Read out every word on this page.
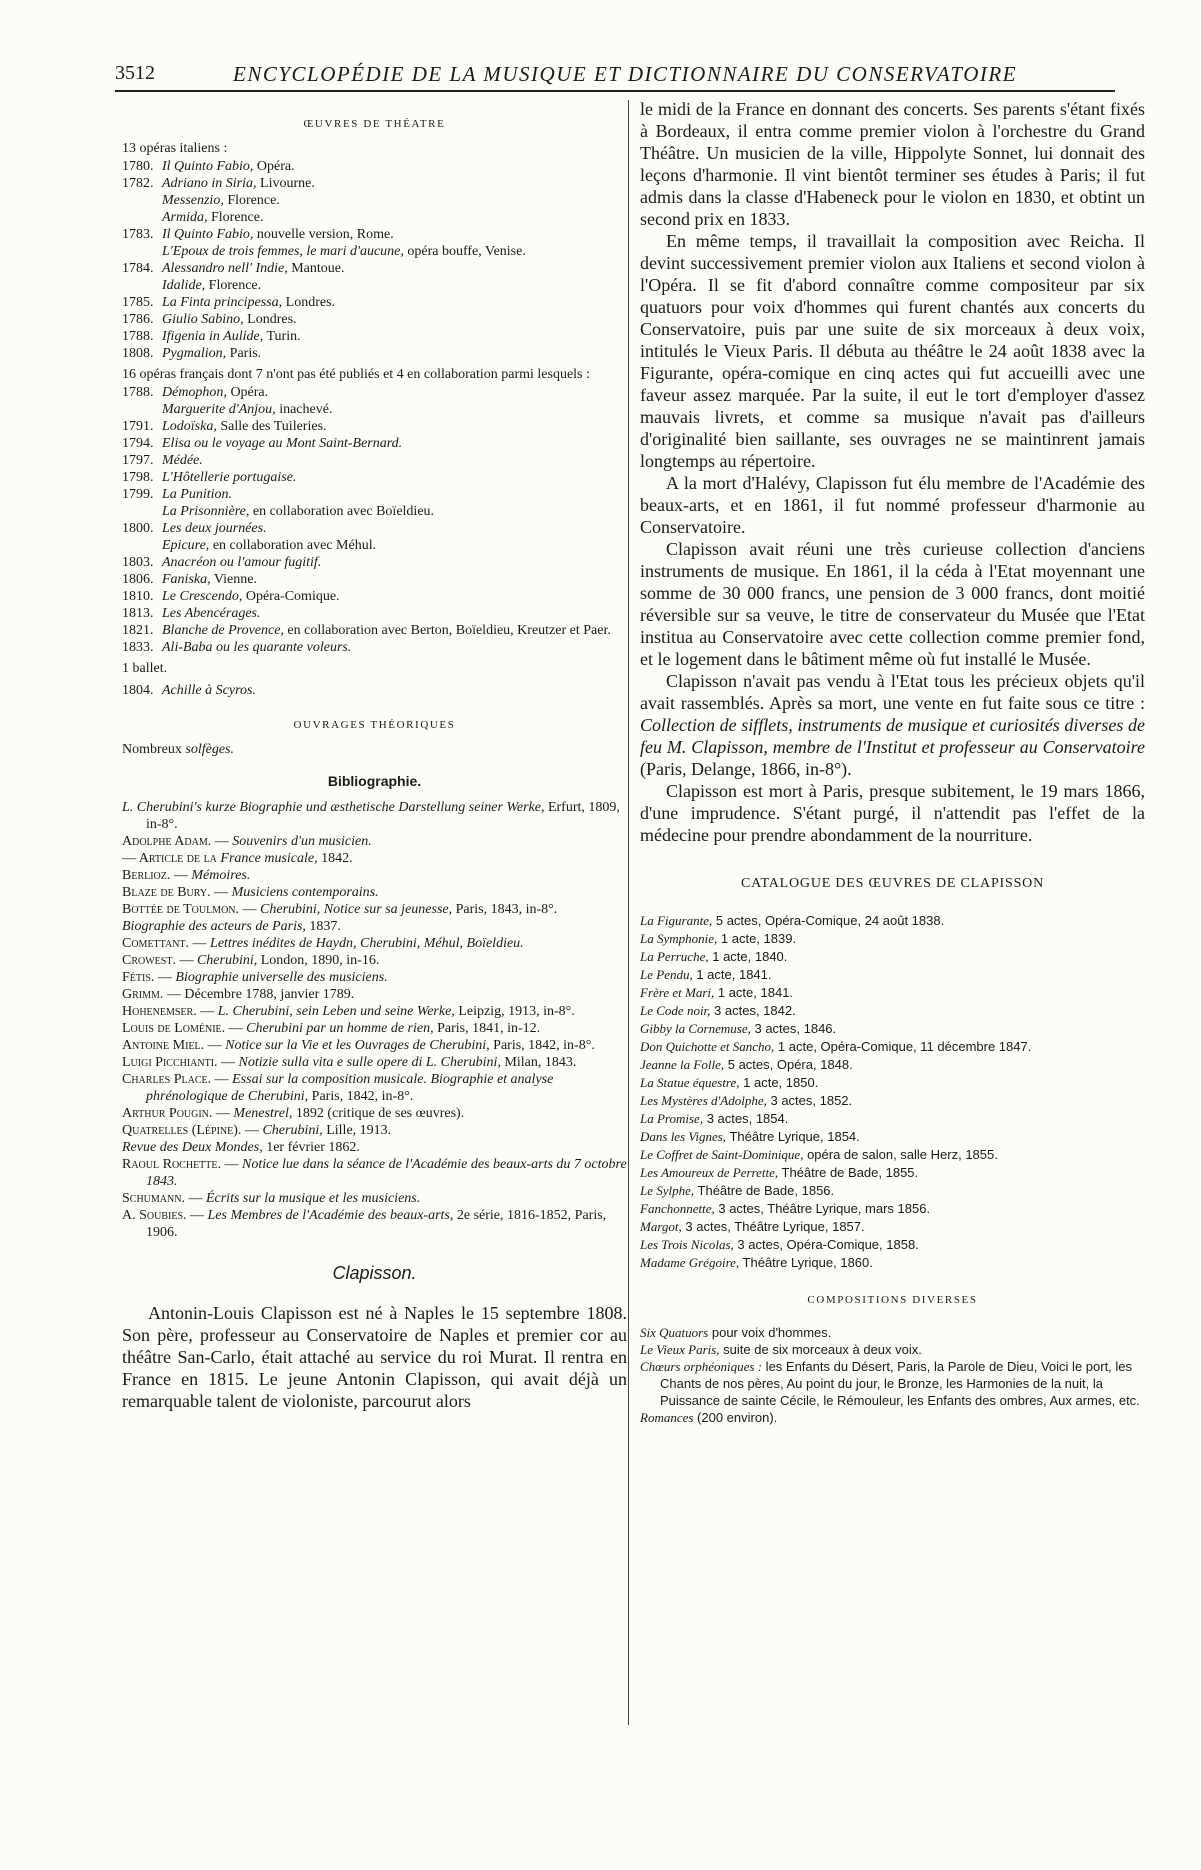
3512	ENCYCLOPÉDIE DE LA MUSIQUE ET DICTIONNAIRE DU CONSERVATOIRE
ŒUVRES DE THÉATRE
13 opéras italiens :
1780. Il Quinto Fabio, Opéra.
1782. Adriano in Siria, Livourne.
Messenzio, Florence.
Armida, Florence.
1783. Il Quinto Fabio, nouvelle version, Rome.
L'Epoux de trois femmes, le mari d'aucune, opéra bouffe, Venise.
1784. Alessandro nell' Indie, Mantoue.
Idalide, Florence.
1785. La Finta principessa, Londres.
1786. Giulio Sabino, Londres.
1788. Ifigenia in Aulide, Turin.
1808. Pygmalion, Paris.
16 opéras français dont 7 n'ont pas été publiés et 4 en collaboration parmi lesquels :
1788. Démophon, Opéra.
Marguerite d'Anjou, inachevé.
1791. Lodoïska, Salle des Tuileries.
1794. Elisa ou le voyage au Mont Saint-Bernard.
1797. Médée.
1798. L'Hôtellerie portugaise.
1799. La Punition.
La Prisonnière, en collaboration avec Boïeldieu.
1800. Les deux journées.
Epicure, en collaboration avec Méhul.
1803. Anacréon ou l'amour fugitif.
1806. Faniska, Vienne.
1810. Le Crescendo, Opéra-Comique.
1813. Les Abencérages.
1821. Blanche de Provence, en collaboration avec Berton, Boïeldieu, Kreutzer et Paer.
1833. Ali-Baba ou les quarante voleurs.
1 ballet.
1804. Achille à Scyros.
OUVRAGES THÉORIQUES
Nombreux solfèges.
Bibliographie.
L. Cherubini's kurze Biographie und æsthetische Darstellung seiner Werke, Erfurt, 1809, in-8°.
Adolphe Adam. — Souvenirs d'un musicien.
— Article de la France musicale, 1842.
Berlioz. — Mémoires.
Blaze de Bury. — Musiciens contemporains.
Bottée de Toulmon. — Cherubini, Notice sur sa jeunesse, Paris, 1843, in-8°.
Biographie des acteurs de Paris, 1837.
Comettant. — Lettres inédites de Haydn, Cherubini, Méhul, Boïeldieu.
Crowest. — Cherubini, London, 1890, in-16.
Fétis. — Biographie universelle des musiciens.
Grimm. — Décembre 1788, janvier 1789.
Hohenemser. — L. Cherubini, sein Leben und seine Werke, Leipzig, 1913, in-8°.
Louis de Loménie. — Cherubini par un homme de rien, Paris, 1841, in-12.
Antoine Miel. — Notice sur la Vie et les Ouvrages de Cherubini, Paris, 1842, in-8°.
Luigi Picchianti. — Notizie sulla vita e sulle opere di L. Cherubini, Milan, 1843.
Charles Place. — Essai sur la composition musicale. Biographie et analyse phrénologique de Cherubini, Paris, 1842, in-8°.
Arthur Pougin. — Menestrel, 1892 (critique de ses œuvres).
Quatrelles (Lépine). — Cherubini, Lille, 1913.
Revue des Deux Mondes, 1er février 1862.
Raoul Rochette. — Notice lue dans la séance de l'Académie des beaux-arts du 7 octobre 1843.
Schumann. — Écrits sur la musique et les musiciens.
A. Soubies. — Les Membres de l'Académie des beaux-arts, 2e série, 1816-1852, Paris, 1906.
Clapisson.

Antonin-Louis Clapisson est né à Naples le 15 septembre 1808. Son père, professeur au Conservatoire de Naples et premier cor au théâtre San-Carlo, était attaché au service du roi Murat. Il rentra en France en 1815. Le jeune Antonin Clapisson, qui avait déjà un remarquable talent de violoniste, parcourut alors

le midi de la France en donnant des concerts. Ses parents s'étant fixés à Bordeaux, il entra comme premier violon à l'orchestre du Grand Théâtre. Un musicien de la ville, Hippolyte Sonnet, lui donnait des leçons d'harmonie. Il vint bientôt terminer ses études à Paris; il fut admis dans la classe d'Habeneck pour le violon en 1830, et obtint un second prix en 1833.

En même temps, il travaillait la composition avec Reicha. Il devint successivement premier violon aux Italiens et second violon à l'Opéra. Il se fit d'abord connaître comme compositeur par six quatuors pour voix d'hommes qui furent chantés aux concerts du Conservatoire, puis par une suite de six morceaux à deux voix, intitulés le Vieux Paris. Il débuta au théâtre le 24 août 1838 avec la Figurante, opéra-comique en cinq actes qui fut accueilli avec une faveur assez marquée. Par la suite, il eut le tort d'employer d'assez mauvais livrets, et comme sa musique n'avait pas d'ailleurs d'originalité bien saillante, ses ouvrages ne se maintinrent jamais longtemps au répertoire.

A la mort d'Halévy, Clapisson fut élu membre de l'Académie des beaux-arts, et en 1861, il fut nommé professeur d'harmonie au Conservatoire.

Clapisson avait réuni une très curieuse collection d'anciens instruments de musique. En 1861, il la céda à l'Etat moyennant une somme de 30 000 francs, une pension de 3 000 francs, dont moitié réversible sur sa veuve, le titre de conservateur du Musée que l'Etat institua au Conservatoire avec cette collection comme premier fond, et le logement dans le bâtiment même où fut installé le Musée.

Clapisson n'avait pas vendu à l'Etat tous les précieux objets qu'il avait rassemblés. Après sa mort, une vente en fut faite sous ce titre : Collection de sifflets, instruments de musique et curiosités diverses de feu M. Clapisson, membre de l'Institut et professeur au Conservatoire (Paris, Delange, 1866, in-8°).

Clapisson est mort à Paris, presque subitement, le 19 mars 1866, d'une imprudence. S'étant purgé, il n'attendit pas l'effet de la médecine pour prendre abondamment de la nourriture.

CATALOGUE DES ŒUVRES DE CLAPISSON
La Figurante, 5 actes, Opéra-Comique, 24 août 1838.
La Symphonie, 1 acte, 1839.
La Perruche, 1 acte, 1840.
Le Pendu, 1 acte, 1841.
Frère et Mari, 1 acte, 1841.
Le Code noir, 3 actes, 1842.
Gibby la Cornemuse, 3 actes, 1846.
Don Quichotte et Sancho, 1 acte, Opéra-Comique, 11 décembre 1847.
Jeanne la Folle, 5 actes, Opéra, 1848.
La Statue équestre, 1 acte, 1850.
Les Mystères d'Adolphe, 3 actes, 1852.
La Promise, 3 actes, 1854.
Dans les Vignes, Théâtre Lyrique, 1854.
Le Coffret de Saint-Dominique, opéra de salon, salle Herz, 1855.
Les Amoureux de Perrette, Théâtre de Bade, 1855.
Le Sylphe, Théâtre de Bade, 1856.
Fanchonnette, 3 actes, Théâtre Lyrique, mars 1856.
Margot, 3 actes, Théâtre Lyrique, 1857.
Les Trois Nicolas, 3 actes, Opéra-Comique, 1858.
Madame Grégoire, Théâtre Lyrique, 1860.
COMPOSITIONS DIVERSES
Six Quatuors pour voix d'hommes.
Le Vieux Paris, suite de six morceaux à deux voix.
Chœurs orphéoniques : les Enfants du Désert, Paris, la Parole de Dieu, Voici le port, les Chants de nos pères, Au point du jour, le Bronze, les Harmonies de la nuit, la Puissance de sainte Cécile, le Rémouleur, les Enfants des ombres, Aux armes, etc.
Romances (200 environ).
